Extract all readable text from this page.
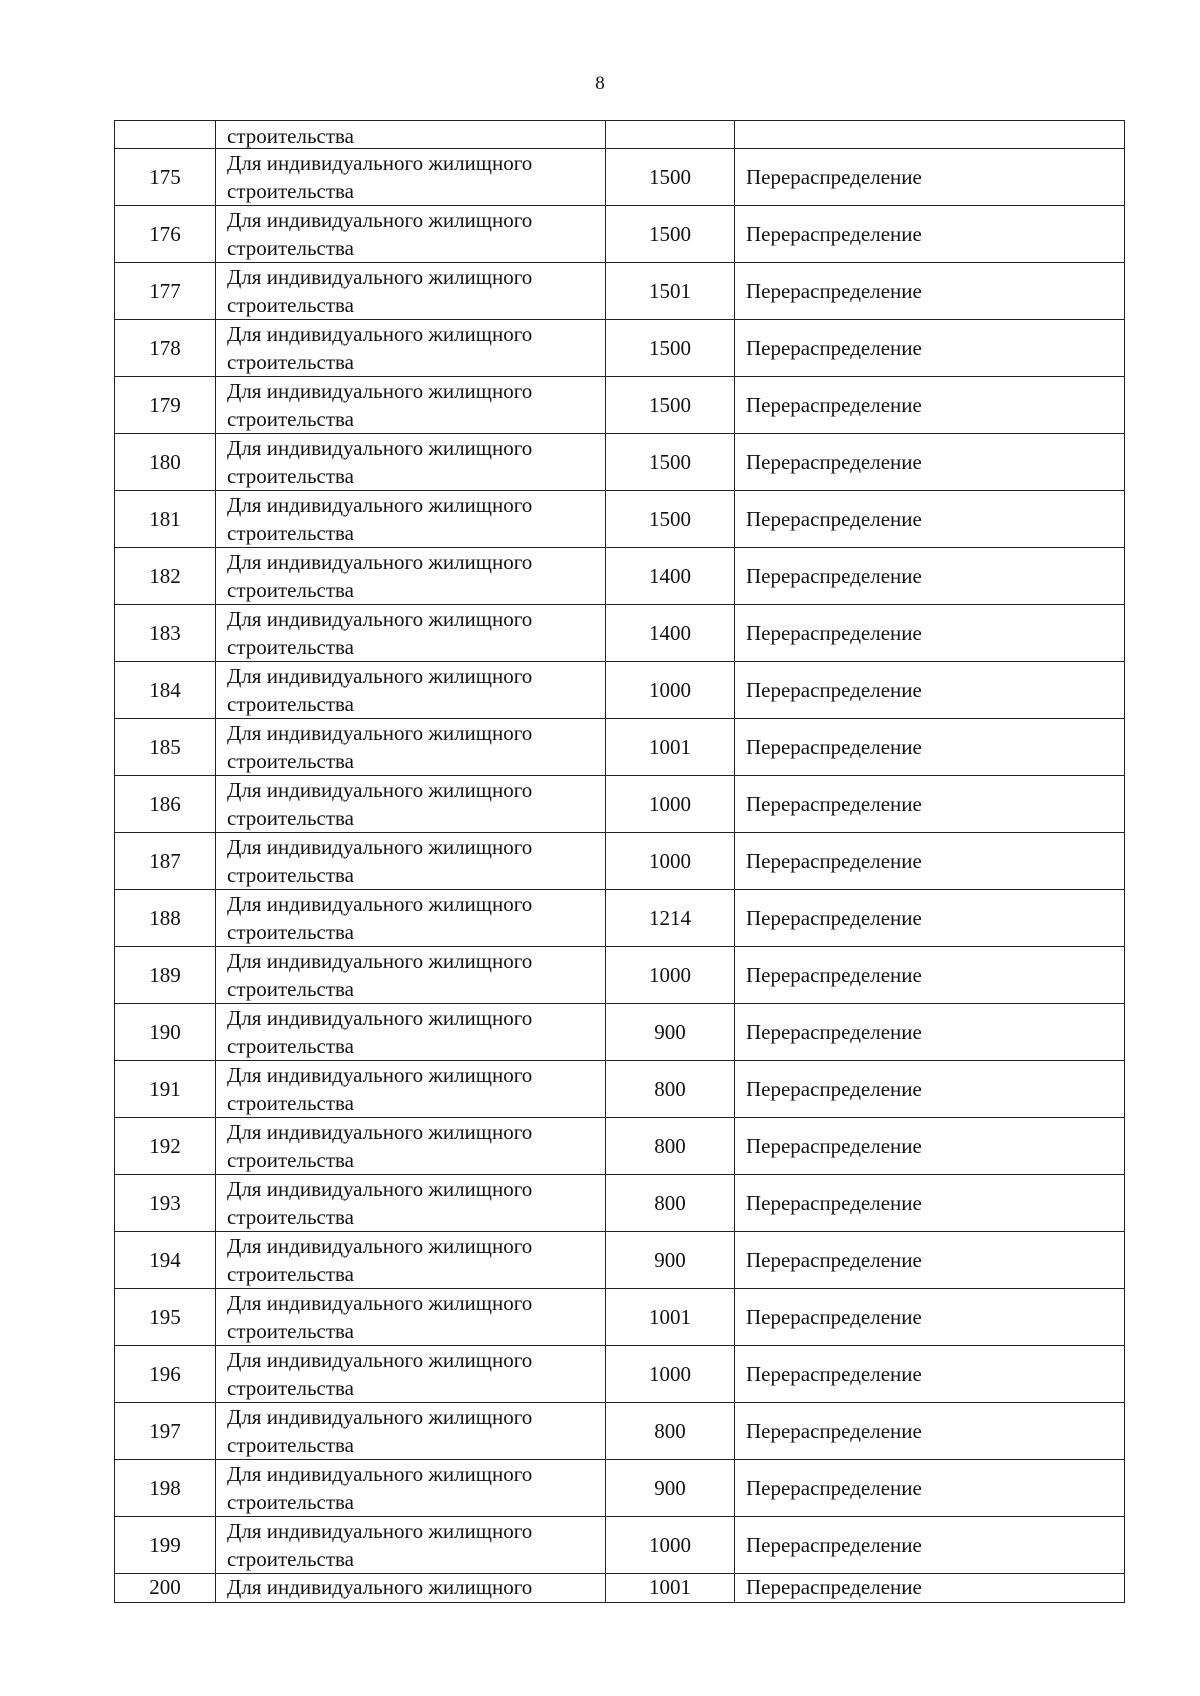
8
	строительства		
175	Для индивидуального жилищного
строительства	1500	Перераспределение
176	Для индивидуального жилищного
строительства	1500	Перераспределение
177	Для индивидуального жилищного
строительства	1501	Перераспределение
178	Для индивидуального жилищного
строительства	1500	Перераспределение
179	Для индивидуального жилищного
строительства	1500	Перераспределение
180	Для индивидуального жилищного
строительства	1500	Перераспределение
181	Для индивидуального жилищного
строительства	1500	Перераспределение
182	Для индивидуального жилищного
строительства	1400	Перераспределение
183	Для индивидуального жилищного
строительства	1400	Перераспределение
184	Для индивидуального жилищного
строительства	1000	Перераспределение
185	Для индивидуального жилищного
строительства	1001	Перераспределение
186	Для индивидуального жилищного
строительства	1000	Перераспределение
187	Для индивидуального жилищного
строительства	1000	Перераспределение
188	Для индивидуального жилищного
строительства	1214	Перераспределение
189	Для индивидуального жилищного
строительства	1000	Перераспределение
190	Для индивидуального жилищного
строительства	900	Перераспределение
191	Для индивидуального жилищного
строительства	800	Перераспределение
192	Для индивидуального жилищного
строительства	800	Перераспределение
193	Для индивидуального жилищного
строительства	800	Перераспределение
194	Для индивидуального жилищного
строительства	900	Перераспределение
195	Для индивидуального жилищного
строительства	1001	Перераспределение
196	Для индивидуального жилищного
строительства	1000	Перераспределение
197	Для индивидуального жилищного
строительства	800	Перераспределение
198	Для индивидуального жилищного
строительства	900	Перераспределение
199	Для индивидуального жилищного
строительства	1000	Перераспределение
200	Для индивидуального жилищного	1001	Перераспределение
